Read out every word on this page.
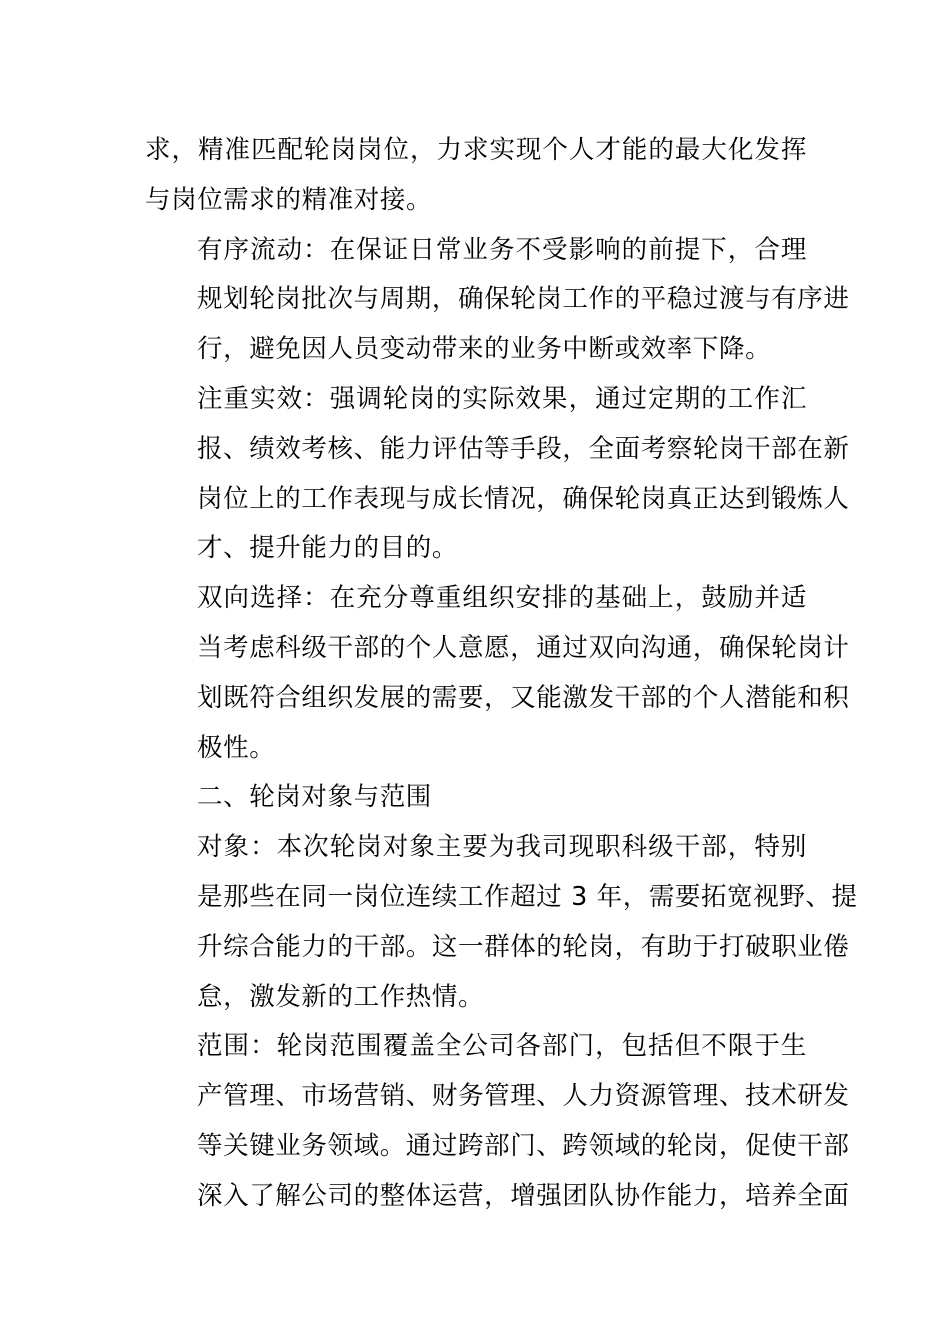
求，精准匹配轮岗岗位，力求实现个人才能的最大化发挥
与岗位需求的精准对接。

有序流动：在保证日常业务不受影响的前提下，合理
规划轮岗批次与周期，确保轮岗工作的平稳过渡与有序进
行，避免因人员变动带来的业务中断或效率下降。

注重实效：强调轮岗的实际效果，通过定期的工作汇
报、绩效考核、能力评估等手段，全面考察轮岗干部在新
岗位上的工作表现与成长情况，确保轮岗真正达到锻炼人
才、提升能力的目的。

双向选择：在充分尊重组织安排的基础上，鼓励并适
当考虑科级干部的个人意愿，通过双向沟通，确保轮岗计
划既符合组织发展的需要，又能激发干部的个人潜能和积
极性。

二、轮岗对象与范围

对象：本次轮岗对象主要为我司现职科级干部，特别
是那些在同一岗位连续工作超过 3 年，需要拓宽视野、提
升综合能力的干部。这一群体的轮岗，有助于打破职业倦
怠，激发新的工作热情。

范围：轮岗范围覆盖全公司各部门，包括但不限于生
产管理、市场营销、财务管理、人力资源管理、技术研发
等关键业务领域。通过跨部门、跨领域的轮岗，促使干部
深入了解公司的整体运营，增强团队协作能力，培养全面
